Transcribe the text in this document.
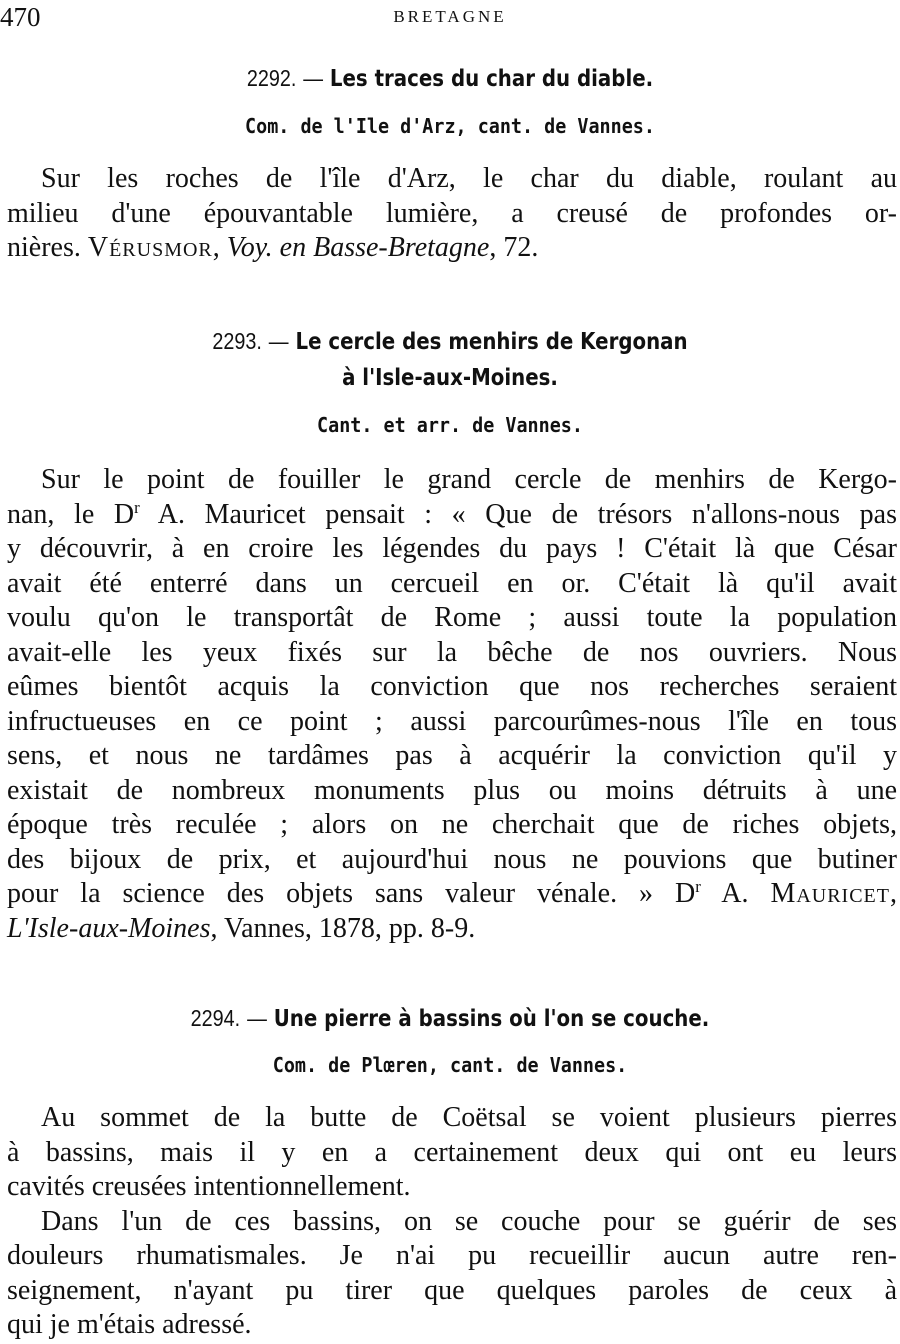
470	BRETAGNE
2292. — Les traces du char du diable.
Com. de l'Ile d'Arz, cant. de Vannes.
Sur les roches de l'île d'Arz, le char du diable, roulant au
milieu d'une épouvantable lumière, a creusé de profondes or-
nières. Vérusmor, Voy. en Basse-Bretagne, 72.
2293. — Le cercle des menhirs de Kergonan
à l'Isle-aux-Moines.
Cant. et arr. de Vannes.
Sur le point de fouiller le grand cercle de menhirs de Kergo-
nan, le $D^r$ A. Mauricet pensait : « Que de trésors n'allons-nous pas
y découvrir, à en croire les légendes du pays ! C'était là que César
avait été enterré dans un cercueil en or. C'était là qu'il avait
voulu qu'on le transportât de Rome ; aussi toute la population
avait-elle les yeux fixés sur la bêche de nos ouvriers. Nous
eûmes bientôt acquis la conviction que nos recherches seraient
infructueuses en ce point ; aussi parcourûmes-nous l'île en tous
sens, et nous ne tardâmes pas à acquérir la conviction qu'il y
existait de nombreux monuments plus ou moins détruits à une
époque très reculée ; alors on ne cherchait que de riches objets,
des bijoux de prix, et aujourd'hui nous ne pouvions que butiner
pour la science des objets sans valeur vénale. » $D^r$ A. Mauricet,
L'Isle-aux-Moines, Vannes, 1878, pp. 8-9.
2294. — Une pierre à bassins où l'on se couche.
Com. de Plœren, cant. de Vannes.
Au sommet de la butte de Coëtsal se voient plusieurs pierres
à bassins, mais il y en a certainement deux qui ont eu leurs
cavités creusées intentionnellement.
Dans l'un de ces bassins, on se couche pour se guérir de ses
douleurs rhumatismales. Je n'ai pu recueillir aucun autre ren-
seignement, n'ayant pu tirer que quelques paroles de ceux à
qui je m'étais adressé.
